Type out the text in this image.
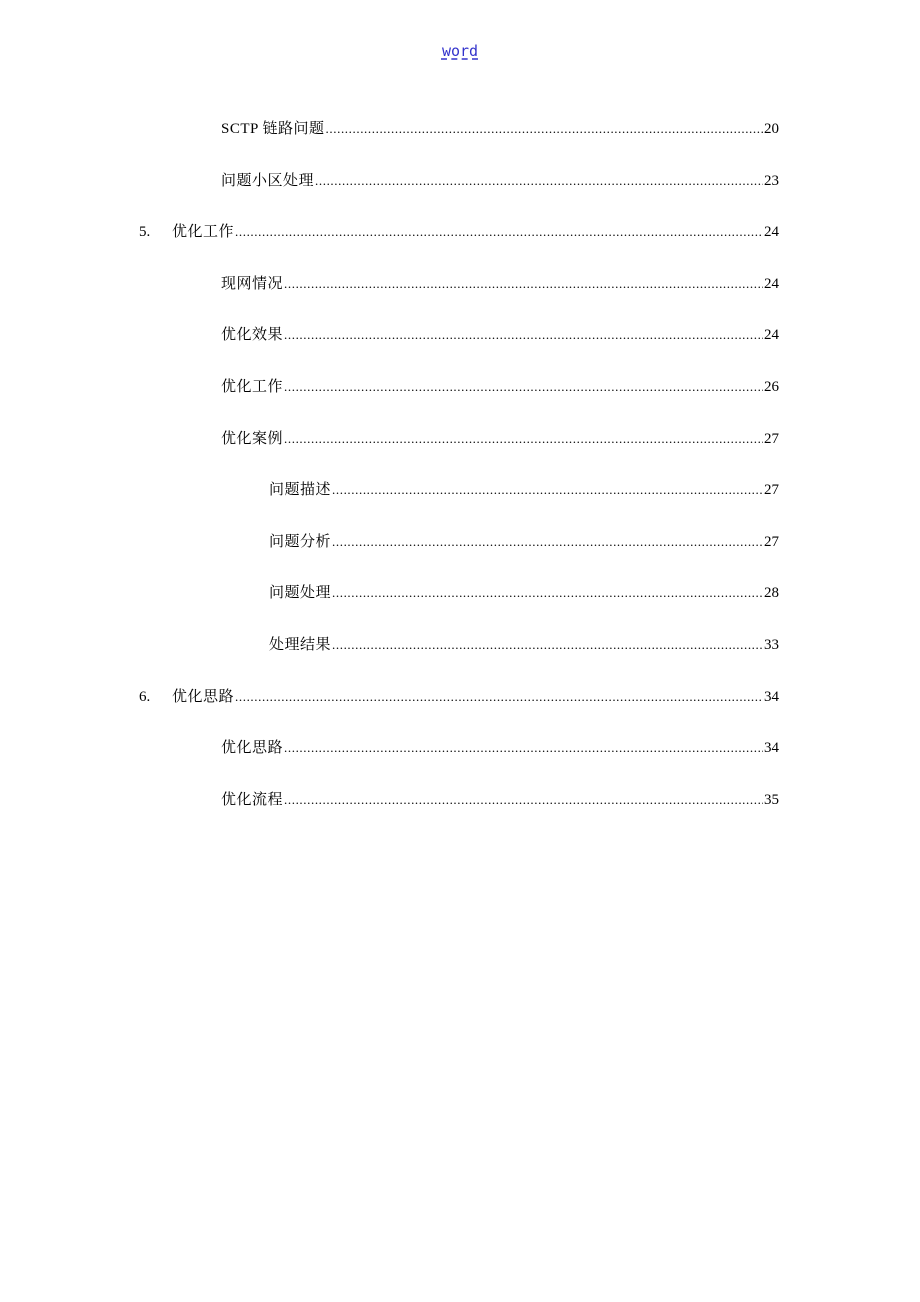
word
SCTP 链路问题 .....	20
问题小区处理 .....	23
5.	优化工作 .....	24
现网情况 .....	24
优化效果 .....	24
优化工作 .....	26
优化案例 .....	27
问题描述 .....	27
问题分析 .....	27
问题处理 .....	28
处理结果 .....	33
6.	优化思路 .....	34
优化思路 .....	34
优化流程 .....	35
